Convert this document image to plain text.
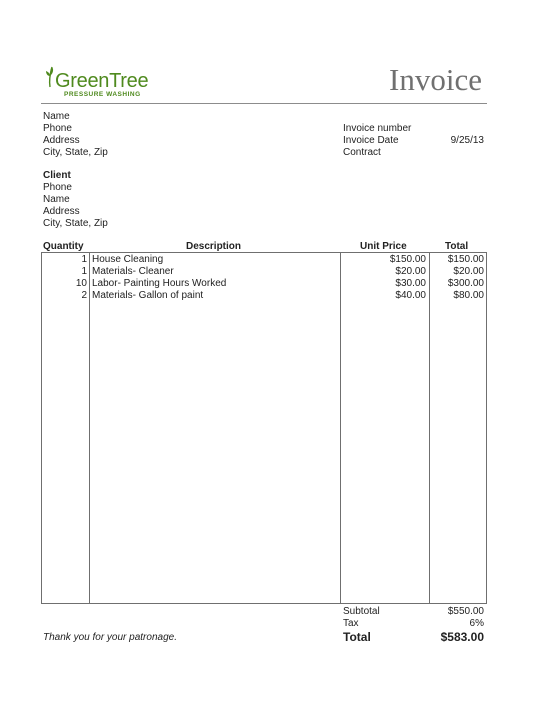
GreenTree
PRESSURE WASHING	Invoice
Name
Phone
Address
City, State, Zip
Invoice number
Invoice Date	9/25/13
Contract
Client
Phone
Name
Address
City, State, Zip
Quantity	Description	Unit Price	Total
1 House Cleaning	$150.00 $150.00
1 Materials- Cleaner	$20.00	$20.00
10 Labor- Painting Hours Worked	$30.00 $300.00
2 Materials- Gallon of paint	$40.00	$80.00
Subtotal	$550.00
Tax	6%
Total	$583.00
Thank you for your patronage.
